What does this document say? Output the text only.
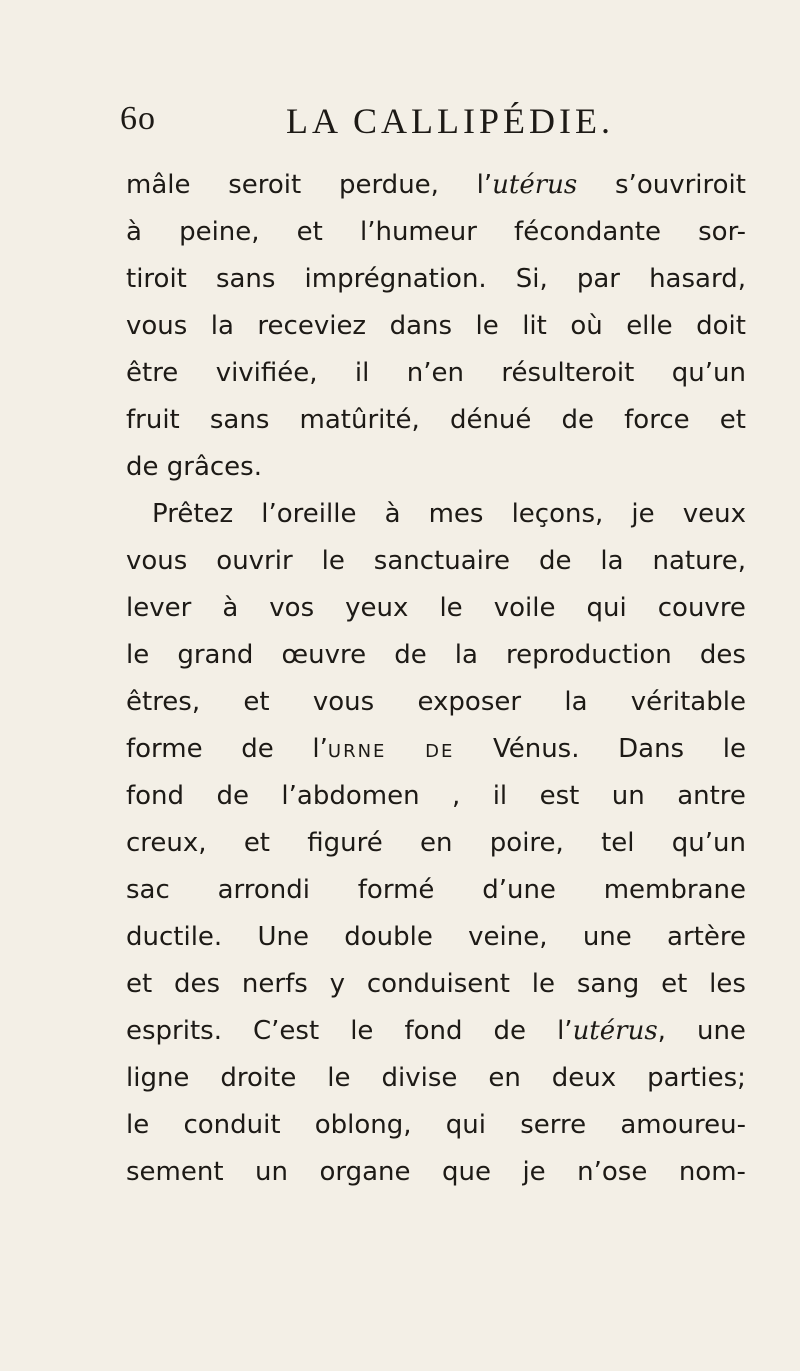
6o	LA CALLIPÉDIE.
mâle seroit perdue, l’utérus s’ouvriroit
à peine, et l’humeur fécondante sor-
tiroit sans imprégnation. Si, par hasard,
vous la receviez dans le lit où elle doit
être vivifiée, il n’en résulteroit qu’un
fruit sans matûrité, dénué de force et
de grâces.
Prêtez l’oreille à mes leçons, je veux
vous ouvrir le sanctuaire de la nature,
lever à vos yeux le voile qui couvre
le grand œuvre de la reproduction des
êtres, et vous exposer la véritable
forme de l’urne de Vénus. Dans le
fond de l’abdomen , il est un antre
creux, et figuré en poire, tel qu’un
sac arrondi formé d’une membrane
ductile. Une double veine, une artère
et des nerfs y conduisent le sang et les
esprits. C’est le fond de l’utérus, une
ligne droite le divise en deux parties;
le conduit oblong, qui serre amoureu-
sement un organe que je n’ose nom-
